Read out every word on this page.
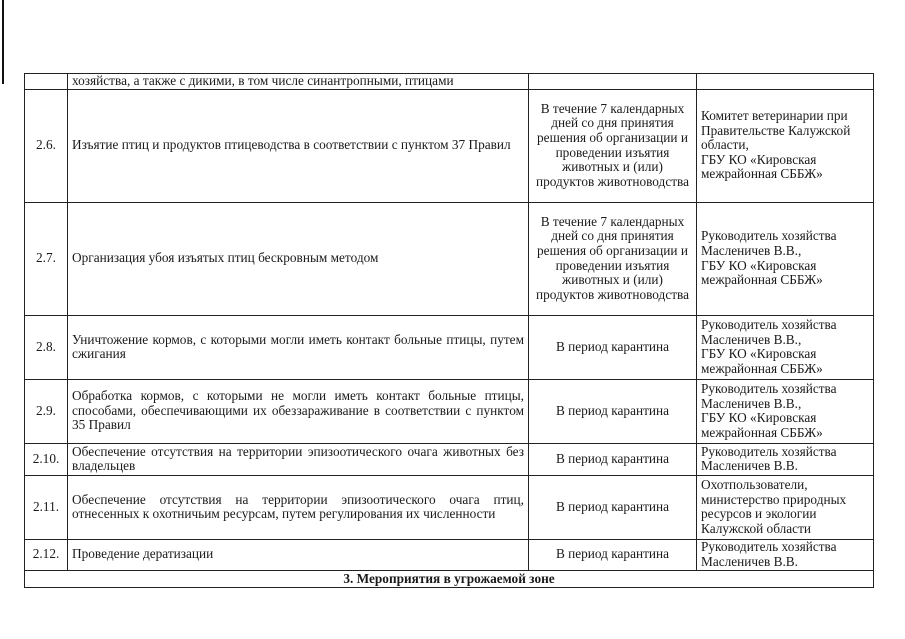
	хозяйства, а также с дикими, в том числе синантропными, птицами		
2.6.	Изъятие птиц и продуктов птицеводства в соответствии с пунктом 37 Правил	В течение 7 календарных дней со дня принятия решения об организации и проведении изъятия животных и (или) продуктов животноводства	Комитет ветеринарии при Правительстве Калужской области,
ГБУ КО «Кировская межрайонная СББЖ»
2.7.	Организация убоя изъятых птиц бескровным методом	В течение 7 календарных дней со дня принятия решения об организации и проведении изъятия животных и (или) продуктов животноводства	Руководитель хозяйства Масленичев В.В.,
ГБУ КО «Кировская межрайонная СББЖ»
2.8.	Уничтожение кормов, с которыми могли иметь контакт больные птицы, путем сжигания	В период карантина	Руководитель хозяйства Масленичев В.В.,
ГБУ КО «Кировская межрайонная СББЖ»
2.9.	Обработка кормов, с которыми не могли иметь контакт больные птицы, способами, обеспечивающими их обеззараживание в соответствии с пунктом 35 Правил	В период карантина	Руководитель хозяйства Масленичев В.В.,
ГБУ КО «Кировская межрайонная СББЖ»
2.10.	Обеспечение отсутствия на территории эпизоотического очага животных без владельцев	В период карантина	Руководитель хозяйства Масленичев В.В.
2.11.	Обеспечение отсутствия на территории эпизоотического очага птиц, отнесенных к охотничьим ресурсам, путем регулирования их численности	В период карантина	Охотпользователи, министерство природных ресурсов и экологии Калужской области
2.12.	Проведение дератизации	В период карантина	Руководитель хозяйства Масленичев В.В.
3. Мероприятия в угрожаемой зоне			
